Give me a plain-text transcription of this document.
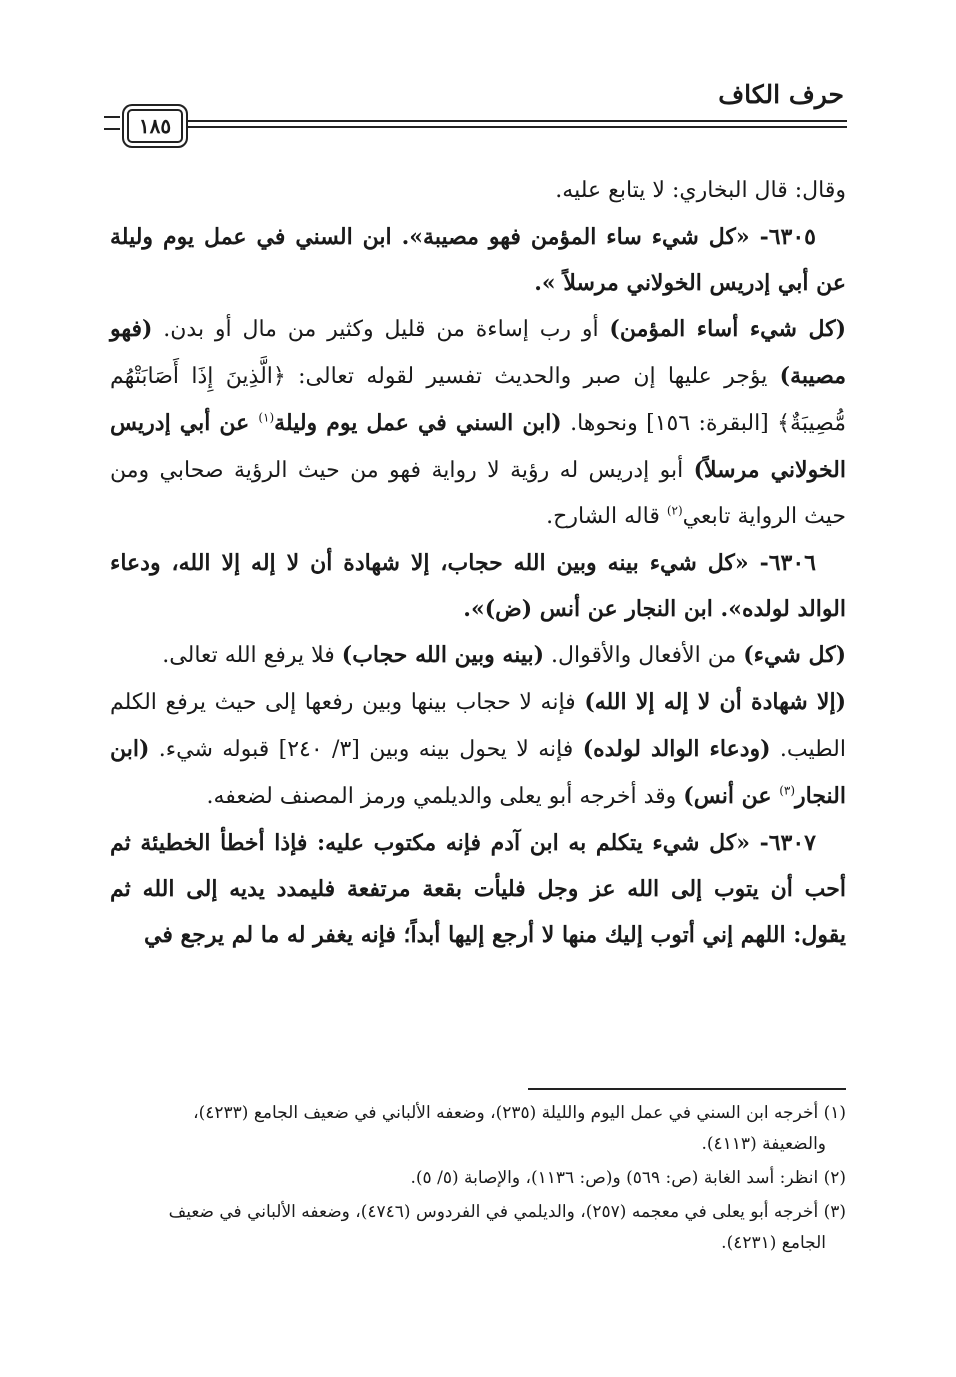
حرف الكاف
١٨٥

وقال: قال البخاري: لا يتابع عليه.

٦٣٠٥- «كل شيء ساء المؤمن فهو مصيبة». ابن السني في عمل يوم وليلة عن أبي إدريس الخولاني مرسلاً ».

(كل شيء أساء المؤمن) أو رب إساءة من قليل وكثير من مال أو بدن. (فهو مصيبة) يؤجر عليها إن صبر والحديث تفسير لقوله تعالى: ﴿الَّذِينَ إِذَا أَصَابَتْهُم مُّصِيبَةٌ﴾ [البقرة: ١٥٦] ونحوها. (ابن السني في عمل يوم وليلة$^{(١)}$ عن أبي إدريس الخولاني مرسلاً) أبو إدريس له رؤية لا رواية فهو من حيث الرؤية صحابي ومن حيث الرواية تابعي$^{(٢)}$ قاله الشارح.

٦٣٠٦- «كل شيء بينه وبين الله حجاب، إلا شهادة أن لا إله إلا الله، ودعاء الوالد لولده». ابن النجار عن أنس (ض)».

(كل شيء) من الأفعال والأقوال. (بينه وبين الله حجاب) فلا يرفع الله تعالى.

(إلا شهادة أن لا إله إلا الله) فإنه لا حجاب بينها وبين رفعها إلى حيث يرفع الكلم الطيب. (ودعاء الوالد لولده) فإنه لا يحول بينه وبين [٣/ ٢٤٠] قبوله شيء. (ابن النجار$^{(٣)}$ عن أنس) وقد أخرجه أبو يعلى والديلمي ورمز المصنف لضعفه.

٦٣٠٧- «كل شيء يتكلم به ابن آدم فإنه مكتوب عليه: فإذا أخطأ الخطيئة ثم أحب أن يتوب إلى الله عز وجل فليأت بقعة مرتفعة فليمدد يديه إلى الله ثم يقول: اللهم إني أتوب إليك منها لا أرجع إليها أبداً؛ فإنه يغفر له ما لم يرجع في

(١) أخرجه ابن السني في عمل اليوم والليلة (٢٣٥)، وضعفه الألباني في ضعيف الجامع (٤٢٣٣)،
والضعيفة (٤١١٣).

(٢) انظر: أسد الغابة (ص: ٥٦٩) و(ص: ١١٣٦)، والإصابة (٥/ ٥).

(٣) أخرجه أبو يعلى في معجمه (٢٥٧)، والديلمي في الفردوس (٤٧٤٦)، وضعفه الألباني في ضعيف
الجامع (٤٢٣١).
